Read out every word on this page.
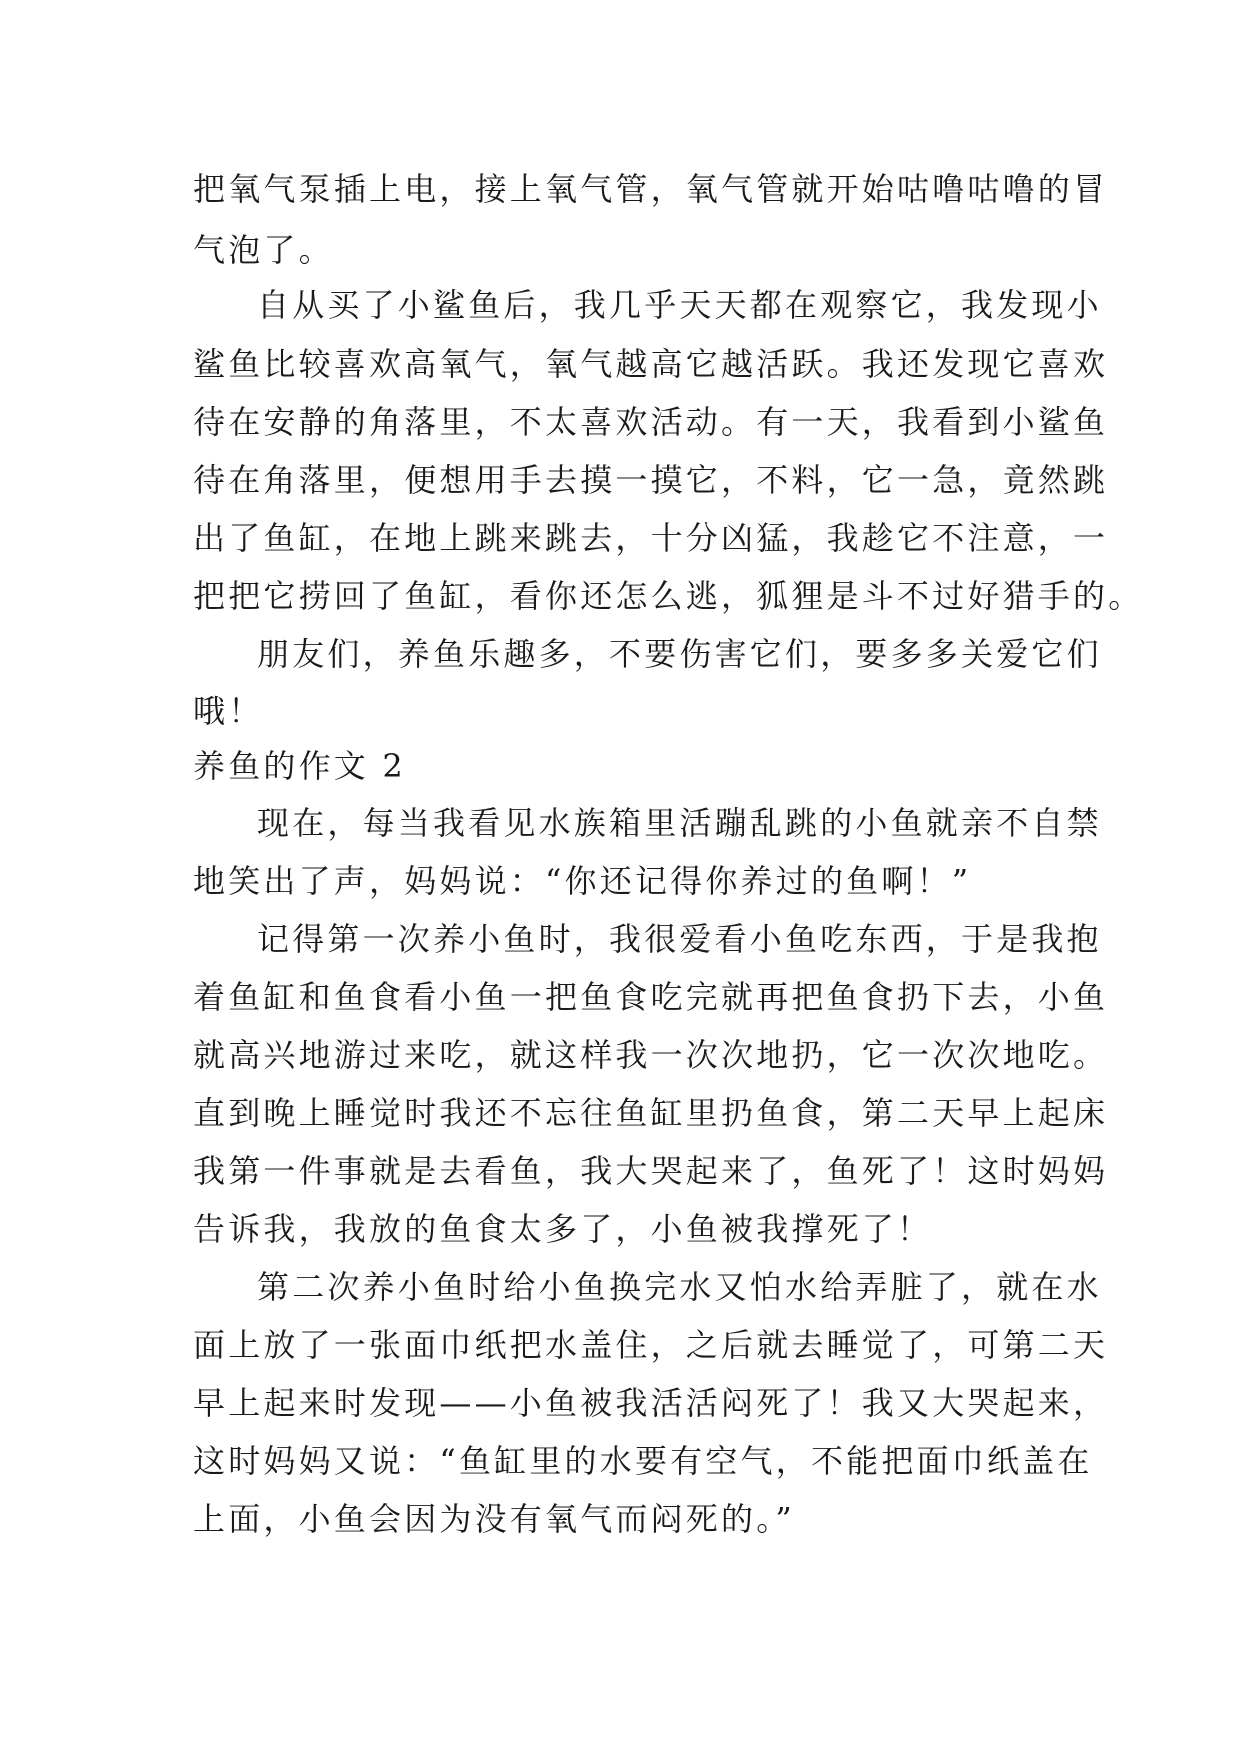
把氧气泵插上电，接上氧气管，氧气管就开始咕噜咕噜的冒
气泡了。
自从买了小鲨鱼后，我几乎天天都在观察它，我发现小
鲨鱼比较喜欢高氧气，氧气越高它越活跃。我还发现它喜欢
待在安静的角落里，不太喜欢活动。有一天，我看到小鲨鱼
待在角落里，便想用手去摸一摸它，不料，它一急，竟然跳
出了鱼缸，在地上跳来跳去，十分凶猛，我趁它不注意，一
把把它捞回了鱼缸，看你还怎么逃，狐狸是斗不过好猎手的。
朋友们，养鱼乐趣多，不要伤害它们，要多多关爱它们
哦！
养鱼的作文 2
现在，每当我看见水族箱里活蹦乱跳的小鱼就亲不自禁
地笑出了声，妈妈说：“你还记得你养过的鱼啊！”
记得第一次养小鱼时，我很爱看小鱼吃东西，于是我抱
着鱼缸和鱼食看小鱼一把鱼食吃完就再把鱼食扔下去，小鱼
就高兴地游过来吃，就这样我一次次地扔，它一次次地吃。
直到晚上睡觉时我还不忘往鱼缸里扔鱼食，第二天早上起床
我第一件事就是去看鱼，我大哭起来了，鱼死了！这时妈妈
告诉我，我放的鱼食太多了，小鱼被我撑死了！
第二次养小鱼时给小鱼换完水又怕水给弄脏了，就在水
面上放了一张面巾纸把水盖住，之后就去睡觉了，可第二天
早上起来时发现——小鱼被我活活闷死了！我又大哭起来，
这时妈妈又说：“鱼缸里的水要有空气，不能把面巾纸盖在
上面，小鱼会因为没有氧气而闷死的。”
